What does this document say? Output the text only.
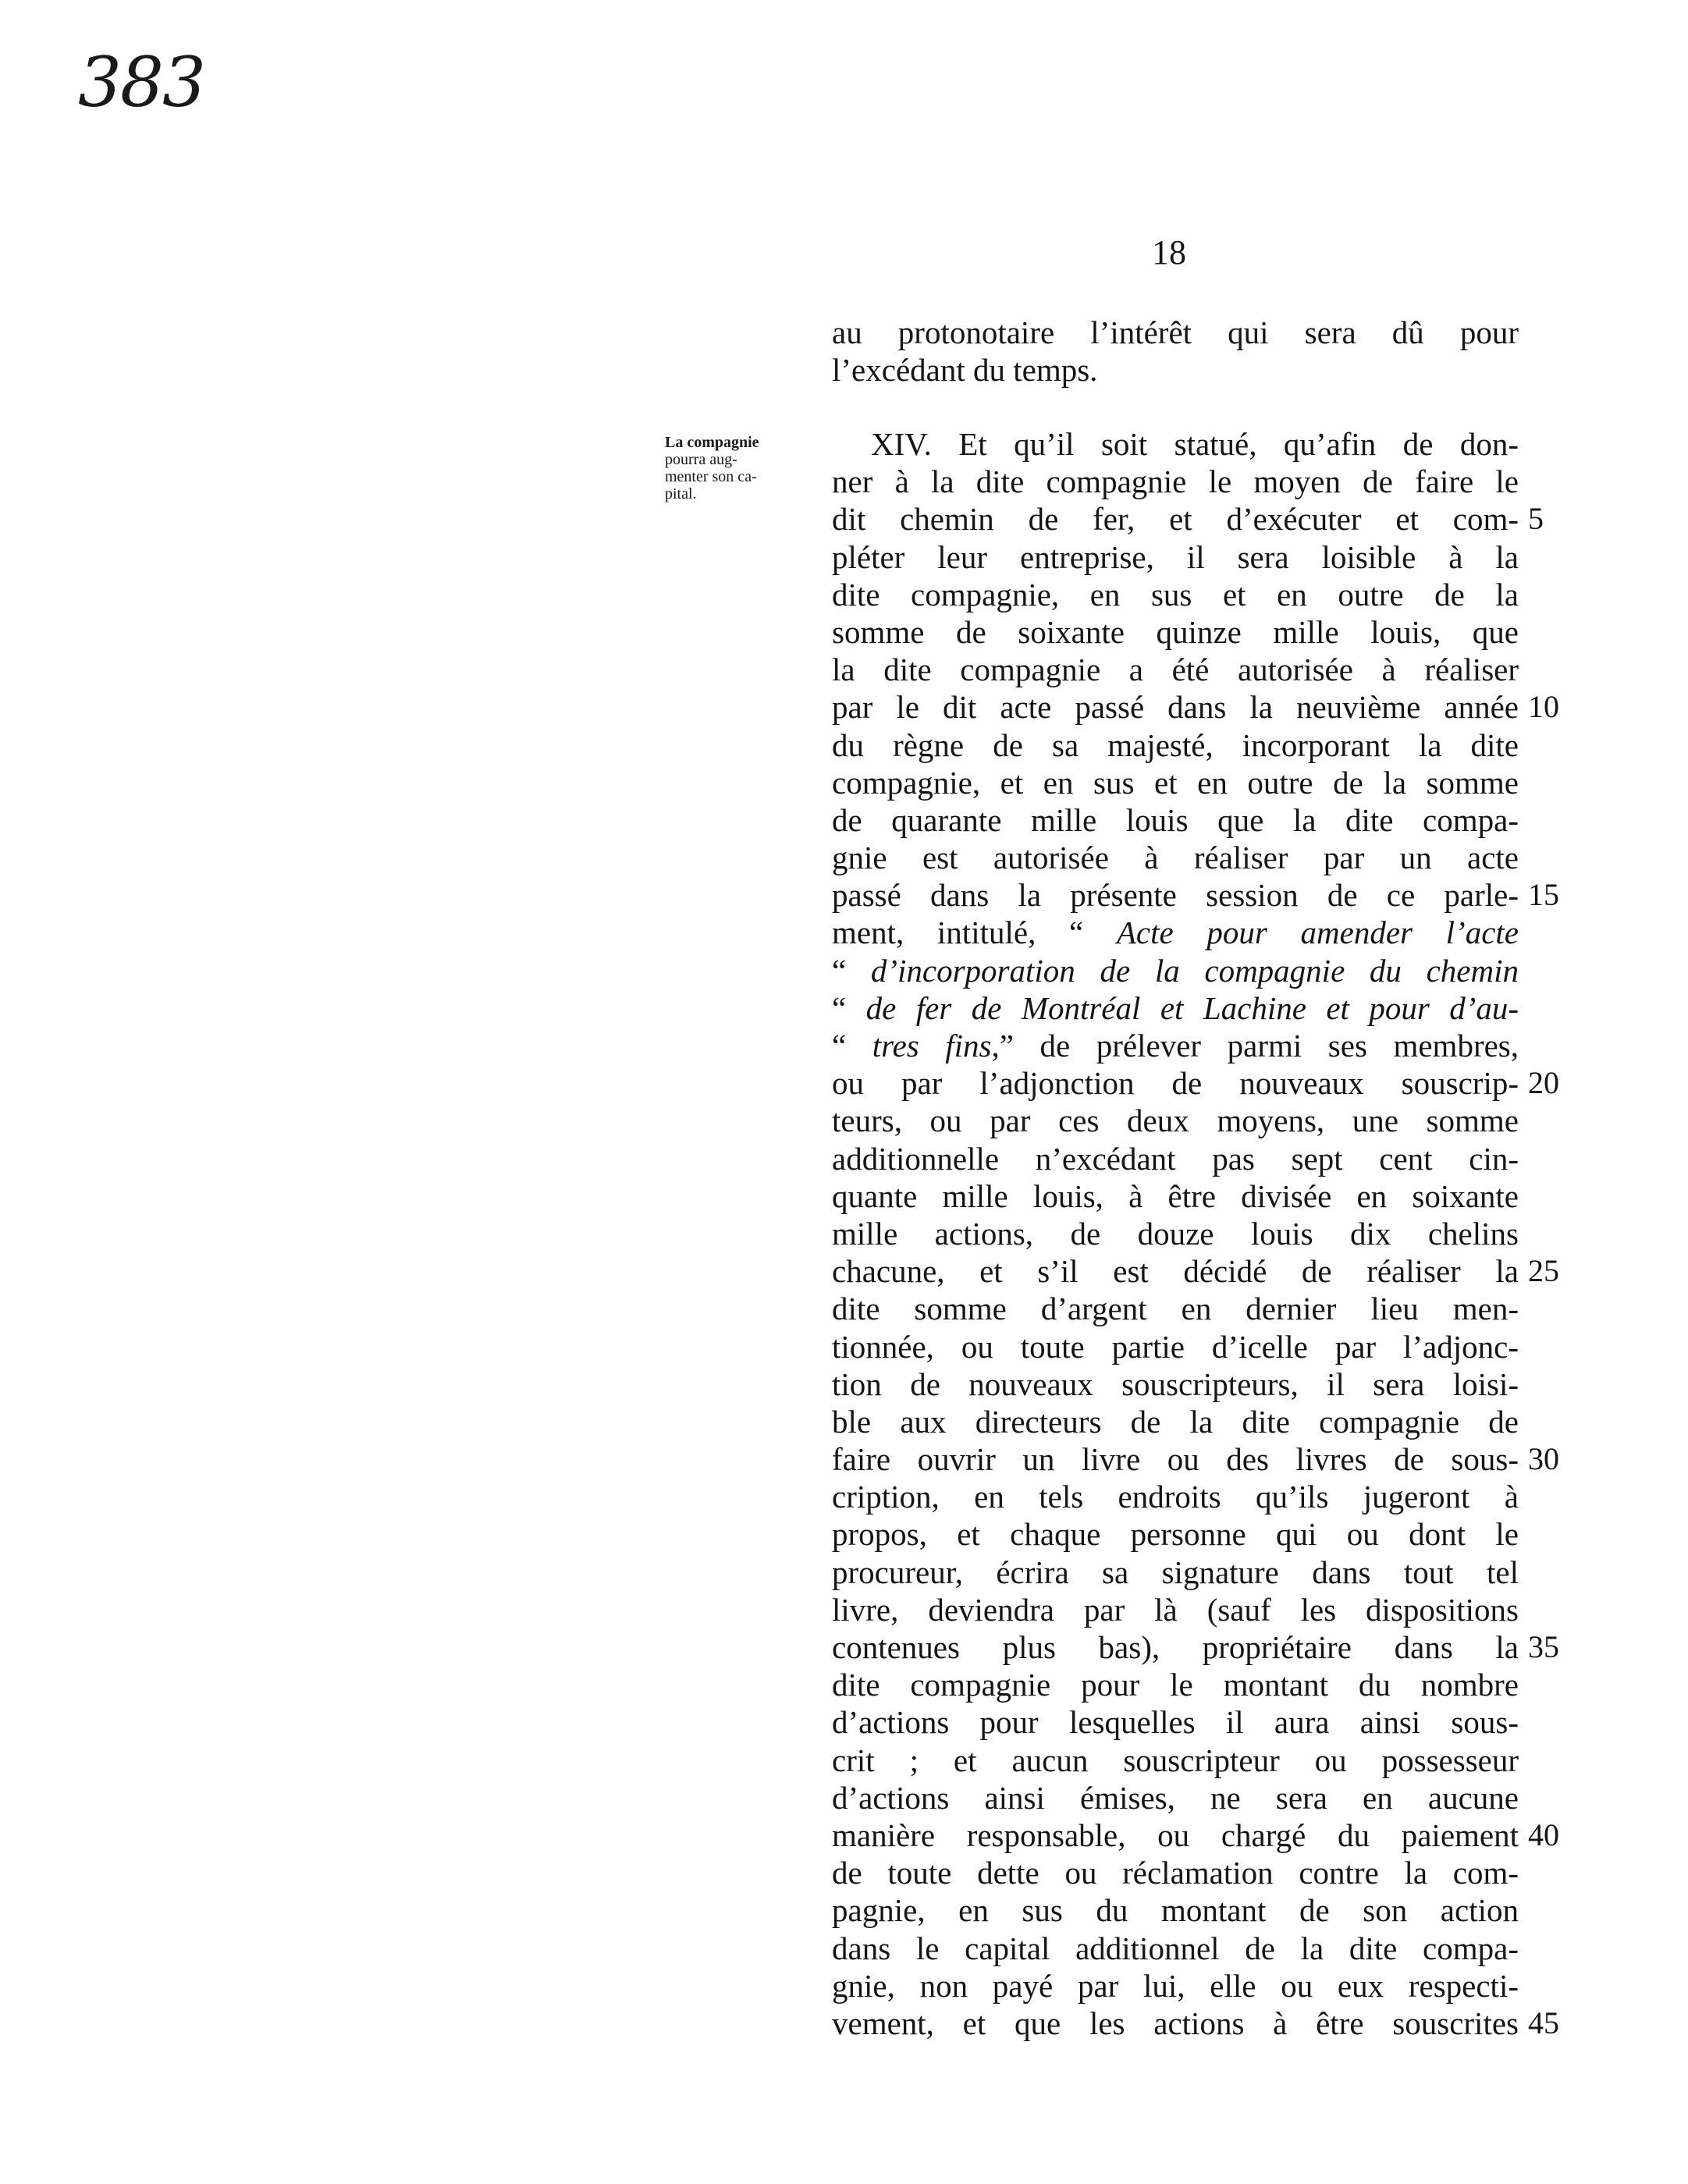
383
18
au protonotaire l’intérêt qui sera dû pour
l’excédant du temps.
La compagnie
pourra aug-
menter son ca-
pital.
XIV. Et qu’il soit statué, qu’afin de don-
ner à la dite compagnie le moyen de faire le
dit chemin de fer, et d’exécuter et com-
pléter leur entreprise, il sera loisible à la
dite compagnie, en sus et en outre de la
somme de soixante quinze mille louis, que
la dite compagnie a été autorisée à réaliser
par le dit acte passé dans la neuvième année
du règne de sa majesté, incorporant la dite
compagnie, et en sus et en outre de la somme
de quarante mille louis que la dite compa-
gnie est autorisée à réaliser par un acte
passé dans la présente session de ce parle-
ment, intitulé, “ Acte pour amender l’acte
“ d’incorporation de la compagnie du chemin
“ de fer de Montréal et Lachine et pour d’au-
“ tres fins,” de prélever parmi ses membres,
ou par l’adjonction de nouveaux souscrip-
teurs, ou par ces deux moyens, une somme
additionnelle n’excédant pas sept cent cin-
quante mille louis, à être divisée en soixante
mille actions, de douze louis dix chelins
chacune, et s’il est décidé de réaliser la
dite somme d’argent en dernier lieu men-
tionnée, ou toute partie d’icelle par l’adjonc-
tion de nouveaux souscripteurs, il sera loisi-
ble aux directeurs de la dite compagnie de
faire ouvrir un livre ou des livres de sous-
cription, en tels endroits qu’ils jugeront à
propos, et chaque personne qui ou dont le
procureur, écrira sa signature dans tout tel
livre, deviendra par là (sauf les dispositions
contenues plus bas), propriétaire dans la
dite compagnie pour le montant du nombre
d’actions pour lesquelles il aura ainsi sous-
crit ; et aucun souscripteur ou possesseur
d’actions ainsi émises, ne sera en aucune
manière responsable, ou chargé du paiement
de toute dette ou réclamation contre la com-
pagnie, en sus du montant de son action
dans le capital additionnel de la dite compa-
gnie, non payé par lui, elle ou eux respecti-
vement, et que les actions à être souscrites
5
10
15
20
25
30
35
40
45
